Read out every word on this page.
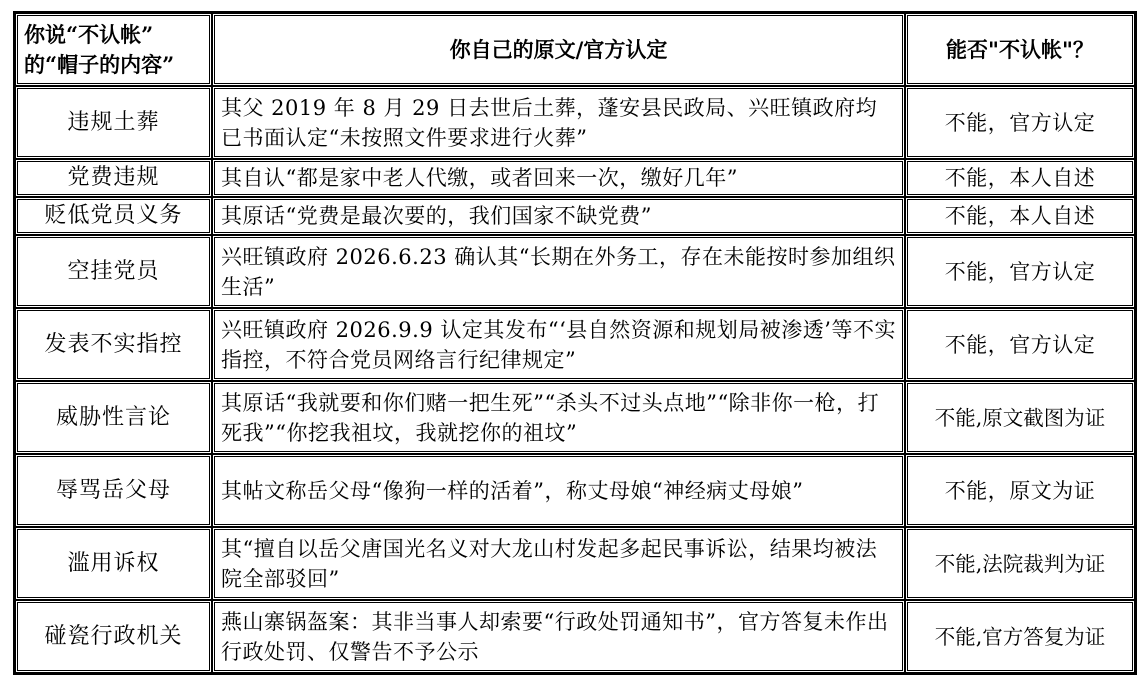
你说“不认帐”
的“帽子的内容”	你自己的原文/官方认定	能否"不认帐"？
违规土葬	其父 2019 年 8 月 29 日去世后土葬，蓬安县民政局、兴旺镇政府均已书面认定“未按照文件要求进行火葬”	不能，官方认定
党费违规	其自认“都是家中老人代缴，或者回来一次，缴好几年”	不能，本人自述
贬低党员义务	其原话“党费是最次要的，我们国家不缺党费”	不能，本人自述
空挂党员	兴旺镇政府 2026.6.23 确认其“长期在外务工，存在未能按时参加组织生活”	不能，官方认定
发表不实指控	兴旺镇政府 2026.9.9 认定其发布“‘县自然资源和规划局被渗透’等不实指控，不符合党员网络言行纪律规定”	不能，官方认定
威胁性言论	其原话“我就要和你们赌一把生死”“杀头不过头点地”“除非你一枪，打死我”“你挖我祖坟，我就挖你的祖坟”	不能,原文截图为证
辱骂岳父母	其帖文称岳父母“像狗一样的活着”，称丈母娘“神经病丈母娘”	不能，原文为证
滥用诉权	其“擅自以岳父唐国光名义对大龙山村发起多起民事诉讼，结果均被法院全部驳回”	不能,法院裁判为证
碰瓷行政机关	燕山寨锅盔案：其非当事人却索要“行政处罚通知书”，官方答复未作出行政处罚、仅警告不予公示	不能,官方答复为证
